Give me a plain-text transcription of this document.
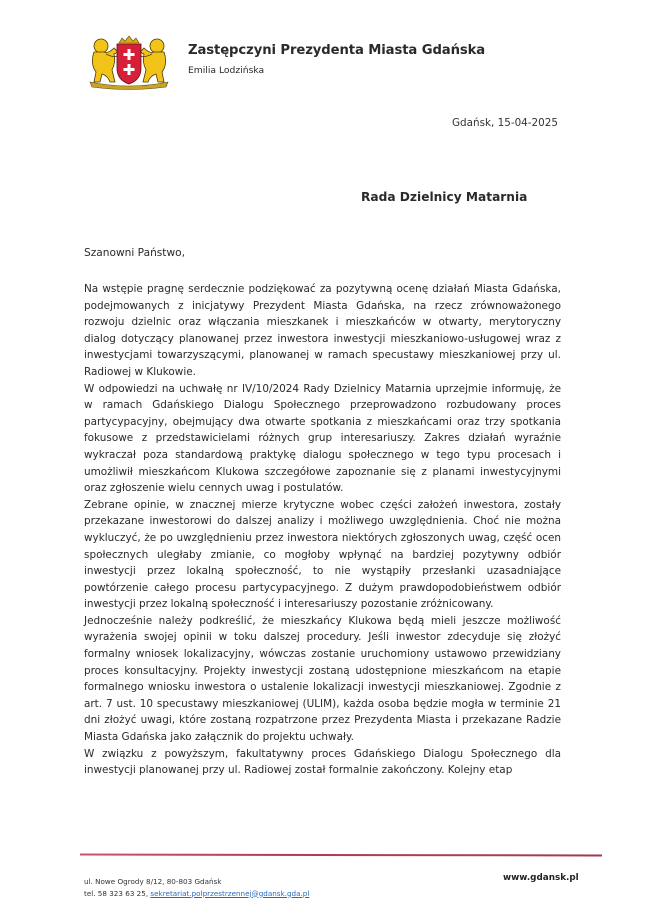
Zastępczyni Prezydenta Miasta Gdańska
Emilia Lodzińska
Gdańsk, 15-04-2025
Rada Dzielnicy Matarnia
Szanowni Państwo,

Na wstępie pragnę serdecznie podziękować za pozytywną ocenę działań Miasta Gdańska, podejmowanych z inicjatywy Prezydent Miasta Gdańska, na rzecz zrównoważonego rozwoju dzielnic oraz włączania mieszkanek i mieszkańców w otwarty, merytoryczny dialog dotyczący planowanej przez inwestora inwestycji mieszkaniowo-usługowej wraz z inwestycjami towarzyszącymi, planowanej w ramach specustawy mieszkaniowej przy ul. Radiowej w Klukowie.

W odpowiedzi na uchwałę nr IV/10/2024 Rady Dzielnicy Matarnia uprzejmie informuję, że w ramach Gdańskiego Dialogu Społecznego przeprowadzono rozbudowany proces partycypacyjny, obejmujący dwa otwarte spotkania z mieszkańcami oraz trzy spotkania fokusowe z przedstawicielami różnych grup interesariuszy. Zakres działań wyraźnie wykraczał poza standardową praktykę dialogu społecznego w tego typu procesach i umożliwił mieszkańcom Klukowa szczegółowe zapoznanie się z planami inwestycyjnymi oraz zgłoszenie wielu cennych uwag i postulatów.

Zebrane opinie, w znacznej mierze krytyczne wobec części założeń inwestora, zostały przekazane inwestorowi do dalszej analizy i możliwego uwzględnienia. Choć nie można wykluczyć, że po uwzględnieniu przez inwestora niektórych zgłoszonych uwag, część ocen społecznych uległaby zmianie, co mogłoby wpłynąć na bardziej pozytywny odbiór inwestycji przez lokalną społeczność, to nie wystąpiły przesłanki uzasadniające powtórzenie całego procesu partycypacyjnego. Z dużym prawdopodobieństwem odbiór inwestycji przez lokalną społeczność i interesariuszy pozostanie zróżnicowany.

Jednocześnie należy podkreślić, że mieszkańcy Klukowa będą mieli jeszcze możliwość wyrażenia swojej opinii w toku dalszej procedury. Jeśli inwestor zdecyduje się złożyć formalny wniosek lokalizacyjny, wówczas zostanie uruchomiony ustawowo przewidziany proces konsultacyjny. Projekty inwestycji zostaną udostępnione mieszkańcom na etapie formalnego wniosku inwestora o ustalenie lokalizacji inwestycji mieszkaniowej. Zgodnie z art. 7 ust. 10 specustawy mieszkaniowej (ULIM), każda osoba będzie mogła w terminie 21 dni złożyć uwagi, które zostaną rozpatrzone przez Prezydenta Miasta i przekazane Radzie Miasta Gdańska jako załącznik do projektu uchwały.

W związku z powyższym, fakultatywny proces Gdańskiego Dialogu Społecznego dla inwestycji planowanej przy ul. Radiowej został formalnie zakończony. Kolejny etap

ul. Nowe Ogrody 8/12, 80-803 Gdańsk
tel. 58 323 63 25, sekretariat.polprzestrzennej@gdansk.gda.pl
www.gdansk.pl
